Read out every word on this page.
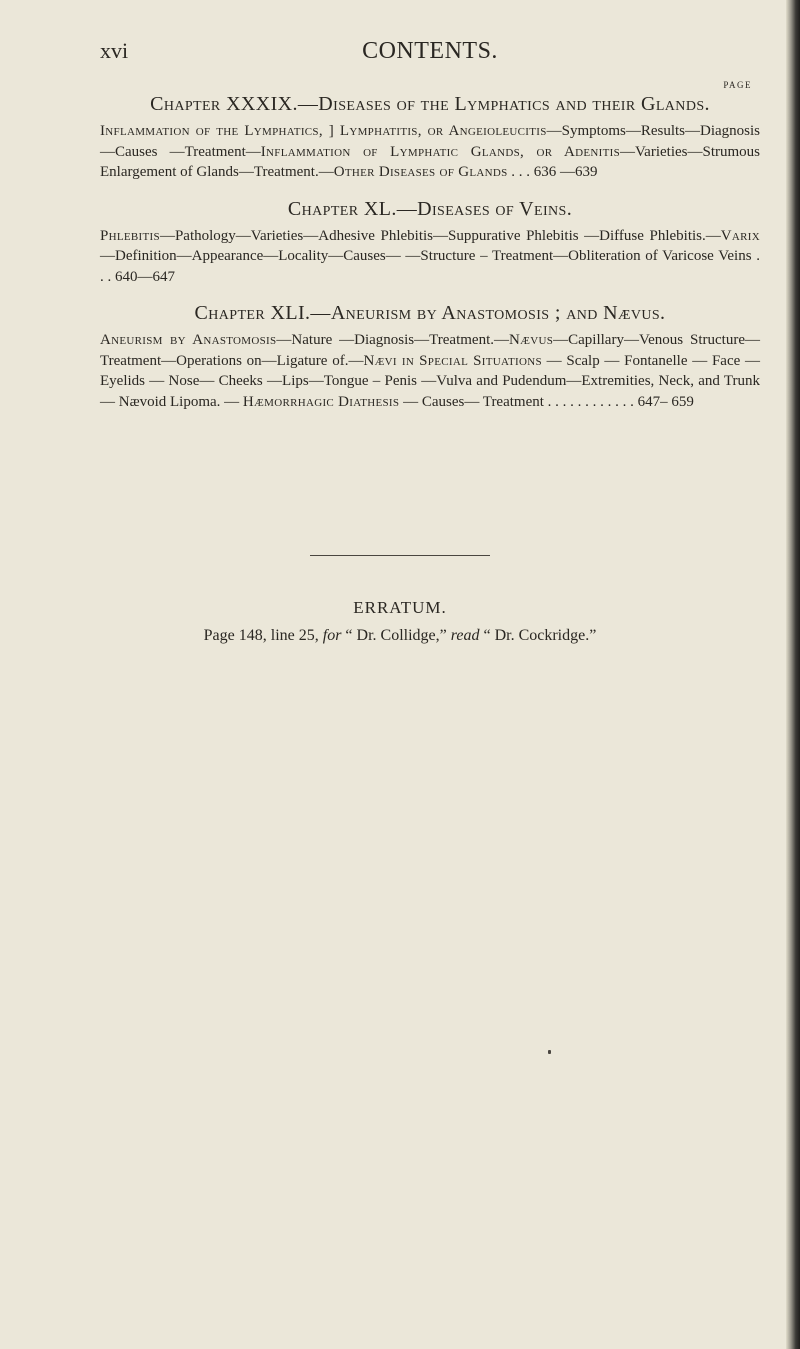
xvi	CONTENTS.
PAGE
Chapter XXXIX.—Diseases of the Lymphatics and their Glands.

Inflammation of the Lymphatics, ] Lymphatitis, or Angeioleucitis—Symptoms—Results—Diagnosis—Causes —Treatment—Inflammation of Lymphatic Glands, or Adenitis—Varieties—Strumous Enlargement of Glands—Treatment.—Other Diseases of Glands . . . 636 —639

Chapter XL.—Diseases of Veins.

Phlebitis—Pathology—Varieties—Adhesive Phlebitis—Suppurative Phlebitis —Diffuse Phlebitis.—Varix—Definition—Appearance—Locality—Causes— —Structure – Treatment—Obliteration of Varicose Veins . . . 640—647

Chapter XLI.—Aneurism by Anastomosis ; and Nævus.

Aneurism by Anastomosis—Nature —Diagnosis—Treatment.—Nævus—Capillary—Venous Structure—Treatment—Operations on—Ligature of.—Nævi in Special Situations — Scalp — Fontanelle — Face — Eyelids — Nose— Cheeks —Lips—Tongue – Penis —Vulva and Pudendum—Extremities, Neck, and Trunk — Nævoid Lipoma. — Hæmorrhagic Diathesis — Causes— Treatment . . . . . . . . . . . . 647– 659

ERRATUM.
Page 148, line 25, for “ Dr. Collidge,” read “ Dr. Cockridge.”
